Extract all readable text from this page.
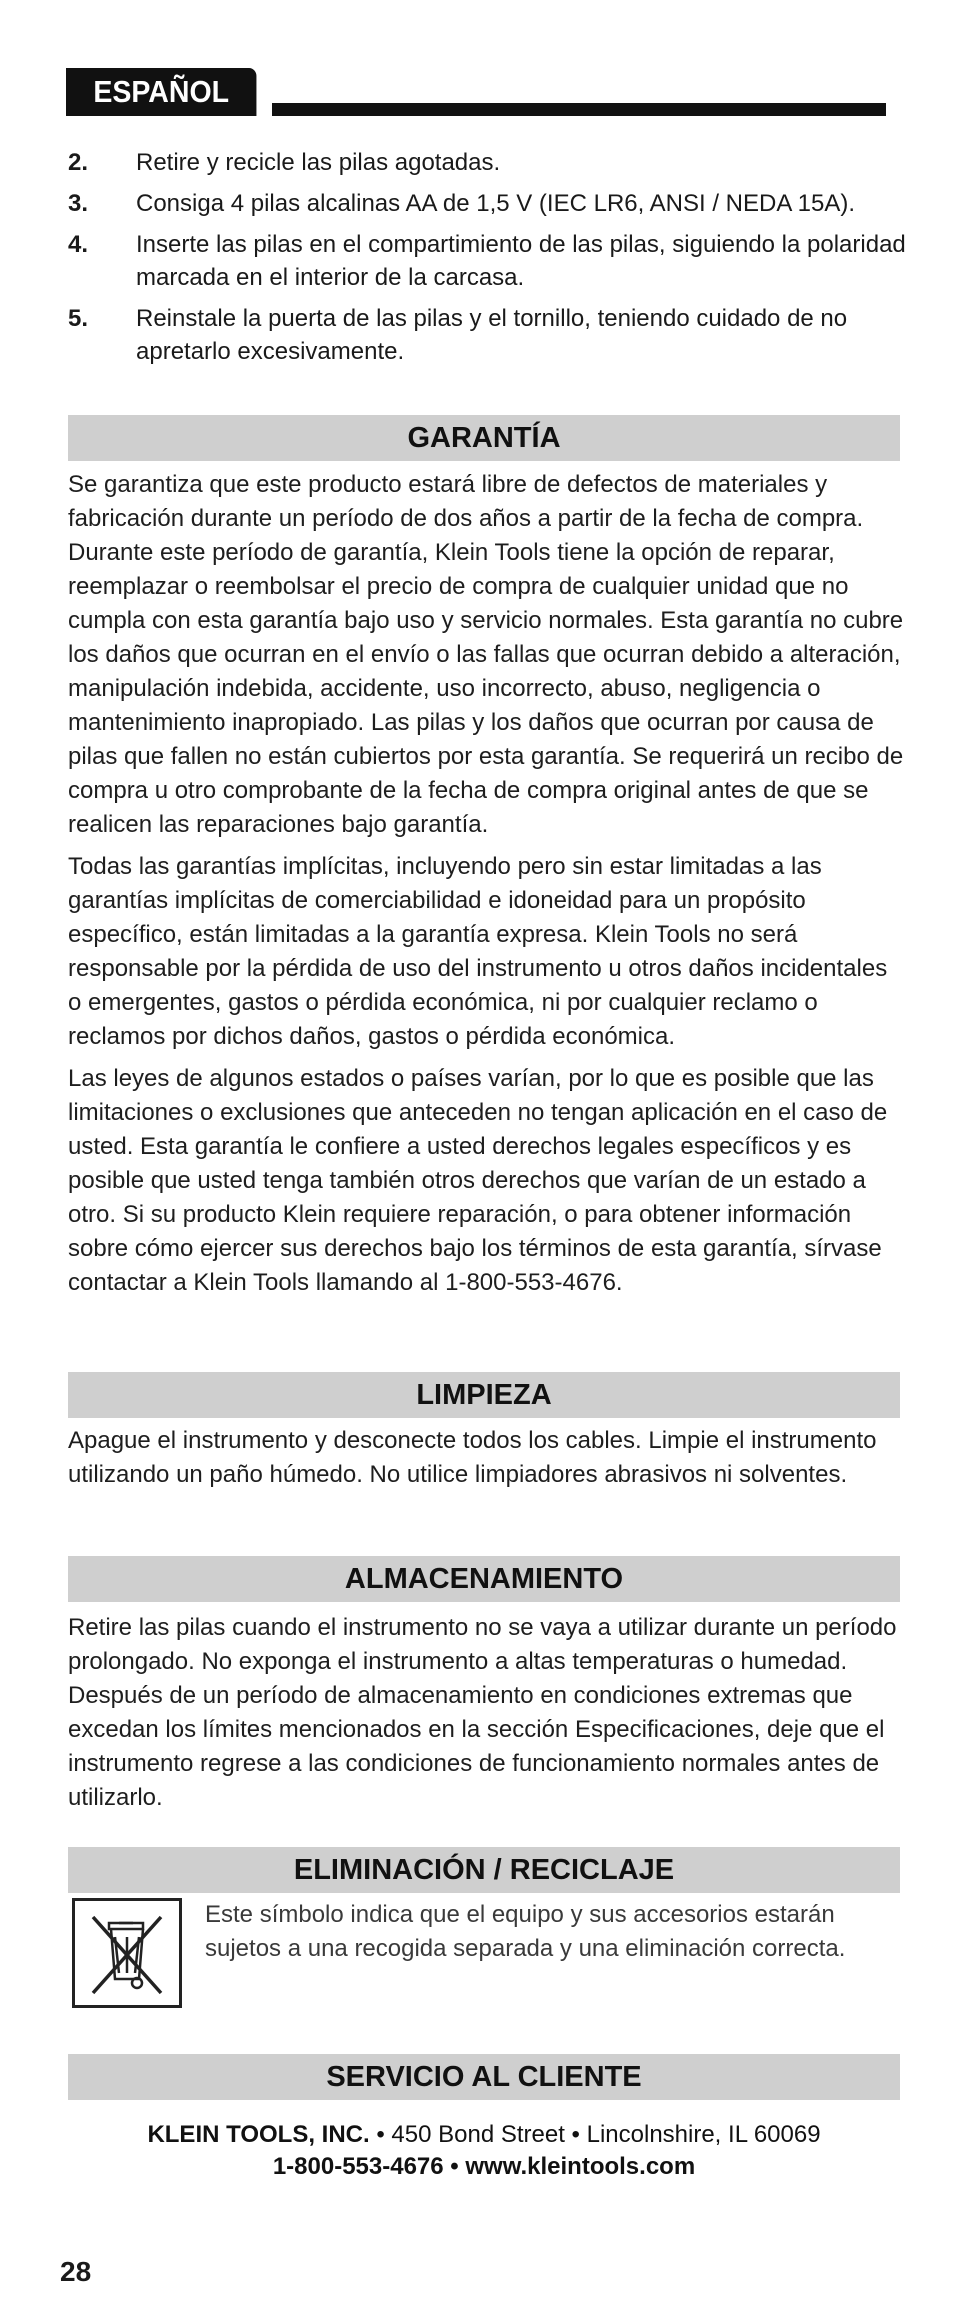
ESPAÑOL
2.	Retire y recicle las pilas agotadas.
3.	Consiga 4 pilas alcalinas AA de 1,5 V (IEC LR6, ANSI / NEDA 15A).
4.	Inserte las pilas en el compartimiento de las pilas, siguiendo la polaridad marcada en el interior de la carcasa.
5.	Reinstale la puerta de las pilas y el tornillo, teniendo cuidado de no apretarlo excesivamente.
GARANTÍA

Se garantiza que este producto estará libre de defectos de materiales y fabricación durante un período de dos años a partir de la fecha de compra. Durante este período de garantía, Klein Tools tiene la opción de reparar, reemplazar o reembolsar el precio de compra de cualquier unidad que no cumpla con esta garantía bajo uso y servicio normales. Esta garantía no cubre los daños que ocurran en el envío o las fallas que ocurran debido a alteración, manipulación indebida, accidente, uso incorrecto, abuso, negligencia o mantenimiento inapropiado. Las pilas y los daños que ocurran por causa de pilas que fallen no están cubiertos por esta garantía. Se requerirá un recibo de compra u otro comprobante de la fecha de compra original antes de que se realicen las reparaciones bajo garantía.

Todas las garantías implícitas, incluyendo pero sin estar limitadas a las garantías implícitas de comerciabilidad e idoneidad para un propósito específico, están limitadas a la garantía expresa. Klein Tools no será responsable por la pérdida de uso del instrumento u otros daños incidentales o emergentes, gastos o pérdida económica, ni por cualquier reclamo o reclamos por dichos daños, gastos o pérdida económica.

Las leyes de algunos estados o países varían, por lo que es posible que las limitaciones o exclusiones que anteceden no tengan aplicación en el caso de usted. Esta garantía le confiere a usted derechos legales específicos y es posible que usted tenga también otros derechos que varían de un estado a otro. Si su producto Klein requiere reparación, o para obtener información sobre cómo ejercer sus derechos bajo los términos de esta garantía, sírvase contactar a Klein Tools llamando al 1-800-553-4676.

LIMPIEZA
Apague el instrumento y desconecte todos los cables. Limpie el instrumento utilizando un paño húmedo. No utilice limpiadores abrasivos ni solventes.
ALMACENAMIENTO
Retire las pilas cuando el instrumento no se vaya a utilizar durante un período prolongado. No exponga el instrumento a altas temperaturas o humedad. Después de un período de almacenamiento en condiciones extremas que excedan los límites mencionados en la sección Especificaciones, deje que el instrumento regrese a las condiciones de funcionamiento normales antes de utilizarlo.
ELIMINACIÓN / RECICLAJE
Este símbolo indica que el equipo y sus accesorios estarán sujetos a una recogida separada y una eliminación correcta.
SERVICIO AL CLIENTE
KLEIN TOOLS, INC. • 450 Bond Street • Lincolnshire, IL 60069
1-800-553-4676 • www.kleintools.com
28
